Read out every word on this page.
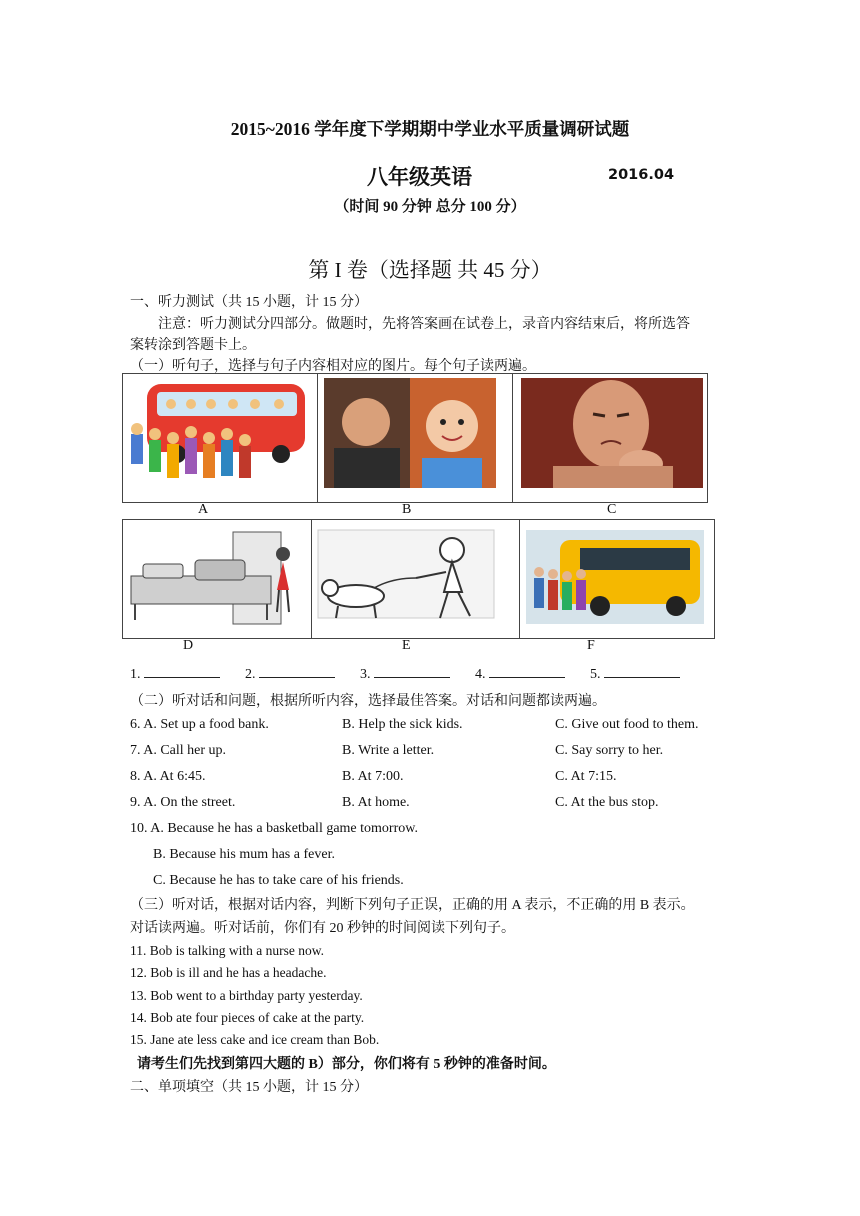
2015~2016 学年度下学期期中学业水平质量调研试题
八年级英语	2016.04
（时间 90 分钟 总分 100 分）
第 I 卷（选择题 共 45 分）
一、听力测试（共 15 小题，计 15 分）
注意：听力测试分四部分。做题时，先将答案画在试卷上，录音内容结束后，将所选答
案转涂到答题卡上。
（一）听句子，选择与句子内容相对应的图片。每个句子读两遍。

A	B	C

D	E	F
1.	2.	3.	4.	5.
（二）听对话和问题，根据所听内容，选择最佳答案。对话和问题都读两遍。
6. A. Set up a food bank.	B. Help the sick kids.	C. Give out food to them.
7. A. Call her up.	B. Write a letter.	C. Say sorry to her.
8. A. At 6:45.	B. At 7:00.	C. At 7:15.
9. A. On the street.	B. At home.	C. At the bus stop.
10. A. Because he has a basketball game tomorrow.
B. Because his mum has a fever.
C. Because he has to take care of his friends.
（三）听对话，根据对话内容，判断下列句子正误，正确的用 A 表示，不正确的用 B 表示。
对话读两遍。听对话前，你们有 20 秒钟的时间阅读下列句子。
11. Bob is talking with a nurse now.
12. Bob is ill and he has a headache.
13. Bob went to a birthday party yesterday.
14. Bob ate four pieces of cake at the party.
15. Jane ate less cake and ice cream than Bob.
请考生们先找到第四大题的 B）部分，你们将有 5 秒钟的准备时间。
二、单项填空（共 15 小题，计 15 分）
